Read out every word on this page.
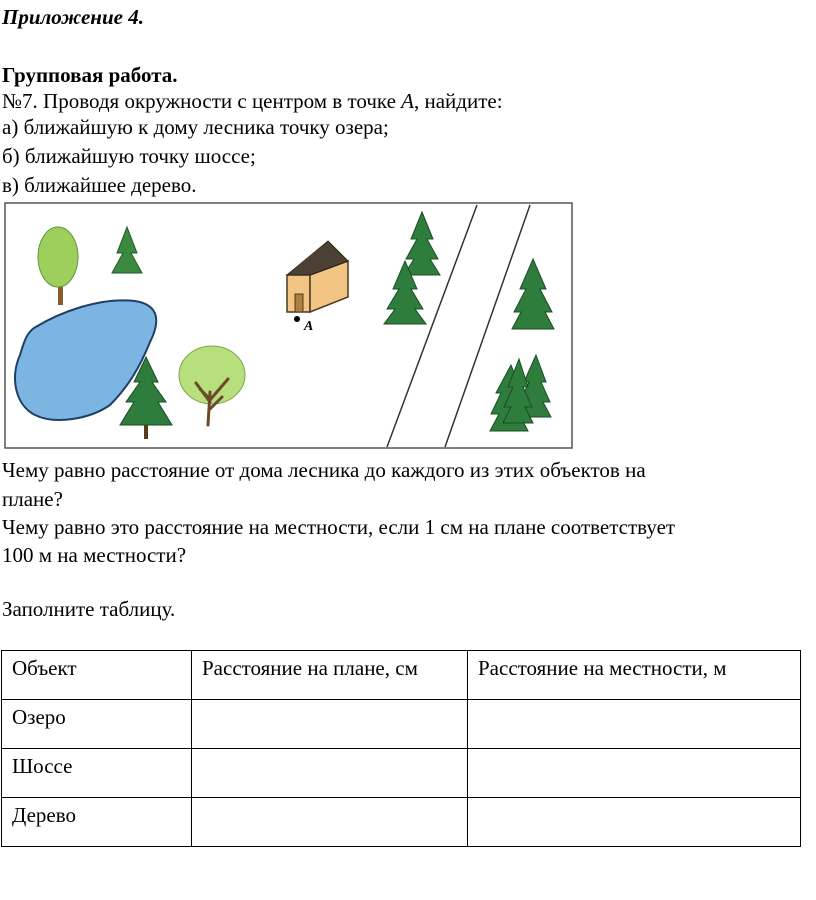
Приложение 4.
Групповая работа.
№7. Проводя окружности с центром в точке A, найдите:
а) ближайшую к дому лесника точку озера;
б) ближайшую точку шоссе;
в) ближайшее дерево.
A
Чему равно расстояние от дома лесника до каждого из этих объектов на
плане?
Чему равно это расстояние на местности, если 1 см на плане соответствует
100 м на местности?
Заполните таблицу.
Объект	Расстояние на плане, см	Расстояние на местности, м
Озеро		
Шоссе		
Дерево		
